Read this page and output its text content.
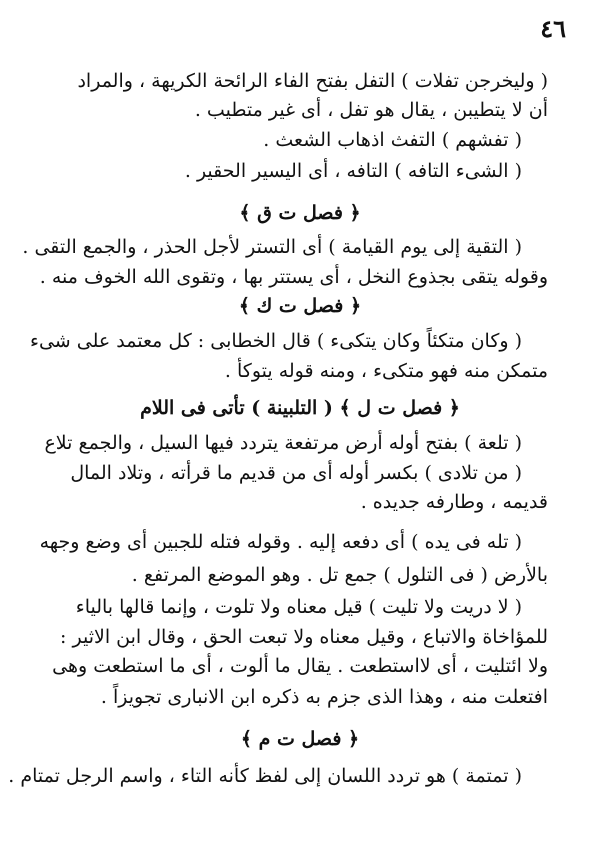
٤٦
( وليخرجن تفلات ) التفل بفتح الفاء الرائحة الكريهة ، والمراد
أن لا يتطيبن ، يقال هو تفل ، أى غير متطيب .
( تفشهم ) التفث اذهاب الشعث .
( الشىء التافه ) التافه ، أى اليسير الحقير .
﴿ فصل ت ق ﴾
( التقية إلى يوم القيامة ) أى التستر لأجل الحذر ، والجمع التقى .
وقوله يتقى بجذوع النخل ، أى يستتر بها ، وتقوى الله الخوف منه .
﴿ فصل ت ك ﴾
( وكان متكئاً وكان يتكىء ) قال الخطابى : كل معتمد على شىء
متمكن منه فهو متكىء ، ومنه قوله يتوكأ .
﴿ فصل ت ل ﴾ ( التلبينة ) تأتى فى اللام
( تلعة ) بفتح أوله أرض مرتفعة يتردد فيها السيل ، والجمع تلاع
( من تلادى ) بكسر أوله أى من قديم ما قرأته ، وتلاد المال
قديمه ، وطارفه جديده .
( تله فى يده ) أى دفعه إليه . وقوله فتله للجبين أى وضع وجهه
بالأرض ( فى التلول ) جمع تل . وهو الموضع المرتفع .
( لا دريت ولا تليت ) قيل معناه ولا تلوت ، وإنما قالها بالياء
للمؤاخاة والاتباع ، وقيل معناه ولا تبعت الحق ، وقال ابن الاثير :
ولا ائتليت ، أى لااستطعت . يقال ما ألوت ، أى ما استطعت وهى
افتعلت منه ، وهذا الذى جزم به ذكره ابن الانبارى تجويزاً .
﴿ فصل ت م ﴾
( تمتمة ) هو تردد اللسان إلى لفظ كأنه التاء ، واسم الرجل تمتام .
